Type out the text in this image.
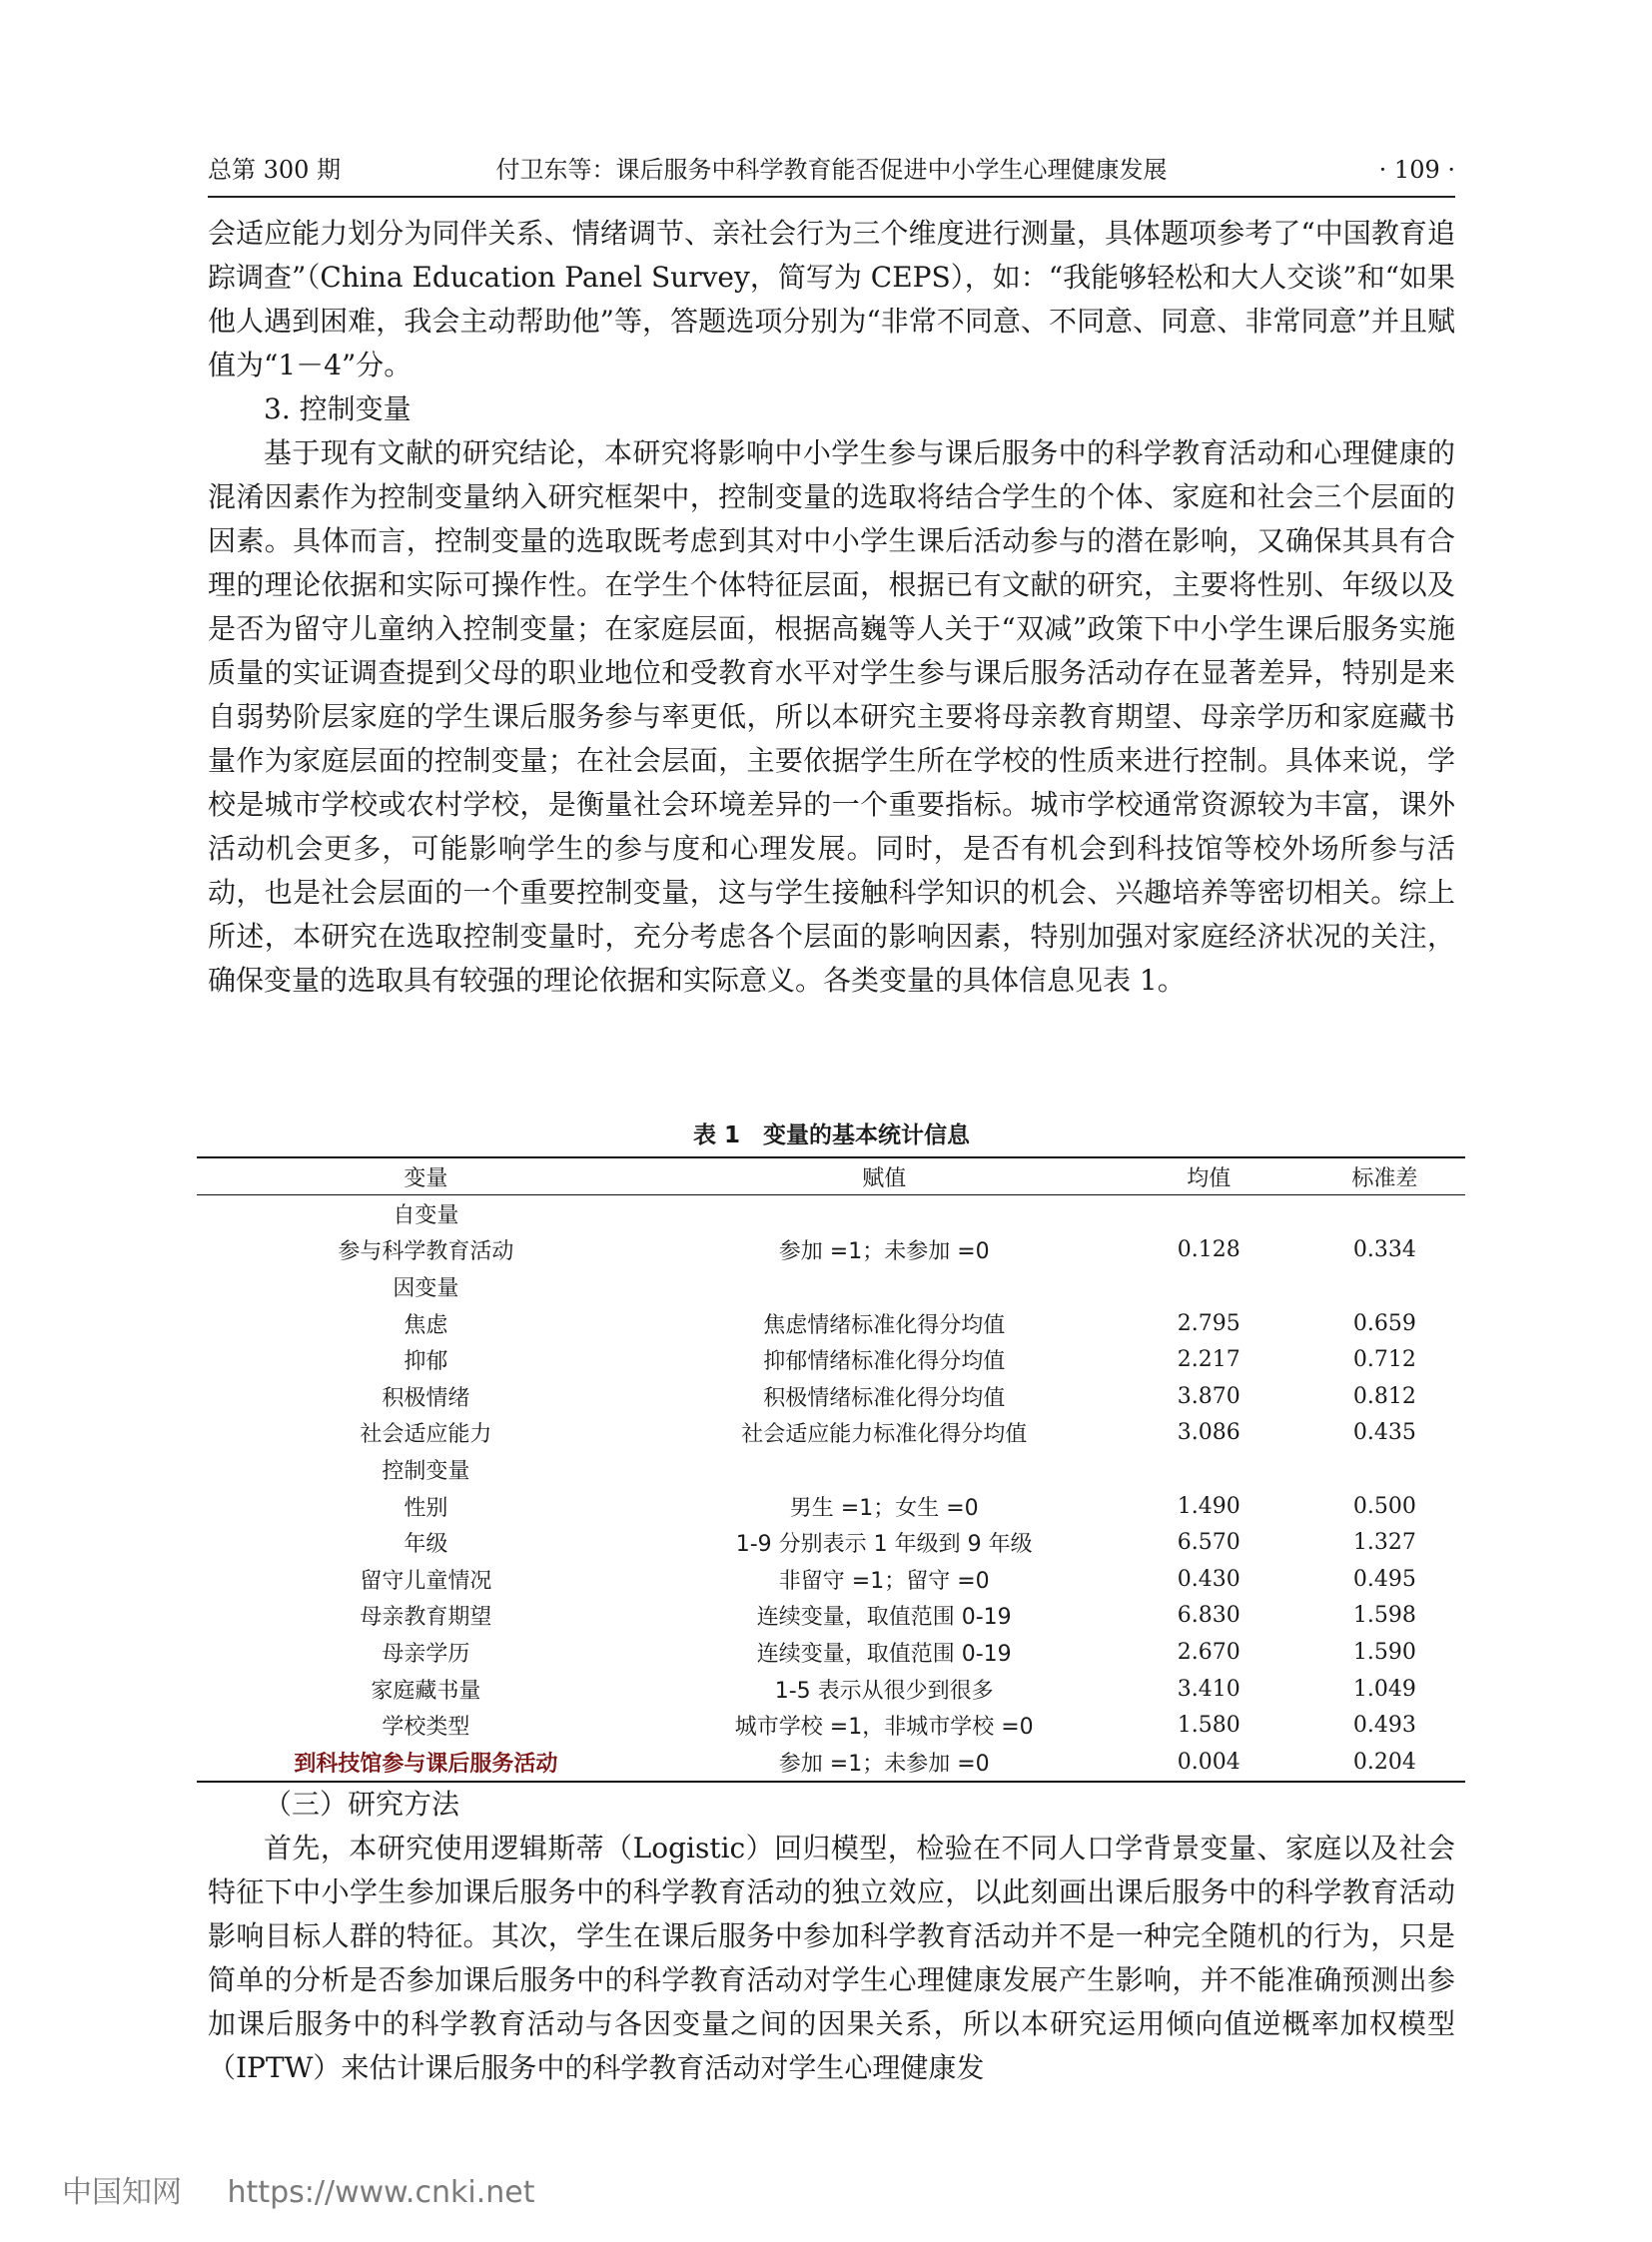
总第 300 期	付卫东等：课后服务中科学教育能否促进中小学生心理健康发展	· 109 ·

会适应能力划分为同伴关系、情绪调节、亲社会行为三个维度进行测量，具体题项参考了“中国教育追踪调查”（China Education Panel Survey，简写为 CEPS），如：“我能够轻松和大人交谈”和“如果他人遇到困难，我会主动帮助他”等，答题选项分别为“非常不同意、不同意、同意、非常同意”并且赋值为“1－4”分。

3. 控制变量

基于现有文献的研究结论，本研究将影响中小学生参与课后服务中的科学教育活动和心理健康的混淆因素作为控制变量纳入研究框架中，控制变量的选取将结合学生的个体、家庭和社会三个层面的因素。具体而言，控制变量的选取既考虑到其对中小学生课后活动参与的潜在影响，又确保其具有合理的理论依据和实际可操作性。在学生个体特征层面，根据已有文献的研究，主要将性别、年级以及是否为留守儿童纳入控制变量；在家庭层面，根据高巍等人关于“双减”政策下中小学生课后服务实施质量的实证调查提到父母的职业地位和受教育水平对学生参与课后服务活动存在显著差异，特别是来自弱势阶层家庭的学生课后服务参与率更低，所以本研究主要将母亲教育期望、母亲学历和家庭藏书量作为家庭层面的控制变量；在社会层面，主要依据学生所在学校的性质来进行控制。具体来说，学校是城市学校或农村学校，是衡量社会环境差异的一个重要指标。城市学校通常资源较为丰富，课外活动机会更多，可能影响学生的参与度和心理发展。同时，是否有机会到科技馆等校外场所参与活动，也是社会层面的一个重要控制变量，这与学生接触科学知识的机会、兴趣培养等密切相关。综上所述，本研究在选取控制变量时，充分考虑各个层面的影响因素，特别加强对家庭经济状况的关注，确保变量的选取具有较强的理论依据和实际意义。各类变量的具体信息见表 1。

表 1　变量的基本统计信息
变量	赋值	均值	标准差
自变量			
参与科学教育活动	参加 =1；未参加 =0	0.128	0.334
因变量			
焦虑	焦虑情绪标准化得分均值	2.795	0.659
抑郁	抑郁情绪标准化得分均值	2.217	0.712
积极情绪	积极情绪标准化得分均值	3.870	0.812
社会适应能力	社会适应能力标准化得分均值	3.086	0.435
控制变量			
性别	男生 =1；女生 =0	1.490	0.500
年级	1-9 分别表示 1 年级到 9 年级	6.570	1.327
留守儿童情况	非留守 =1；留守 =0	0.430	0.495
母亲教育期望	连续变量，取值范围 0-19	6.830	1.598
母亲学历	连续变量，取值范围 0-19	2.670	1.590
家庭藏书量	1-5 表示从很少到很多	3.410	1.049
学校类型	城市学校 =1，非城市学校 =0	1.580	0.493
到科技馆参与课后服务活动	参加 =1；未参加 =0	0.004	0.204

（三）研究方法

首先，本研究使用逻辑斯蒂（Logistic）回归模型，检验在不同人口学背景变量、家庭以及社会特征下中小学生参加课后服务中的科学教育活动的独立效应，以此刻画出课后服务中的科学教育活动影响目标人群的特征。其次，学生在课后服务中参加科学教育活动并不是一种完全随机的行为，只是简单的分析是否参加课后服务中的科学教育活动对学生心理健康发展产生影响，并不能准确预测出参加课后服务中的科学教育活动与各因变量之间的因果关系，所以本研究运用倾向值逆概率加权模型（IPTW）来估计课后服务中的科学教育活动对学生心理健康发

中国知网 https://www.cnki.net
